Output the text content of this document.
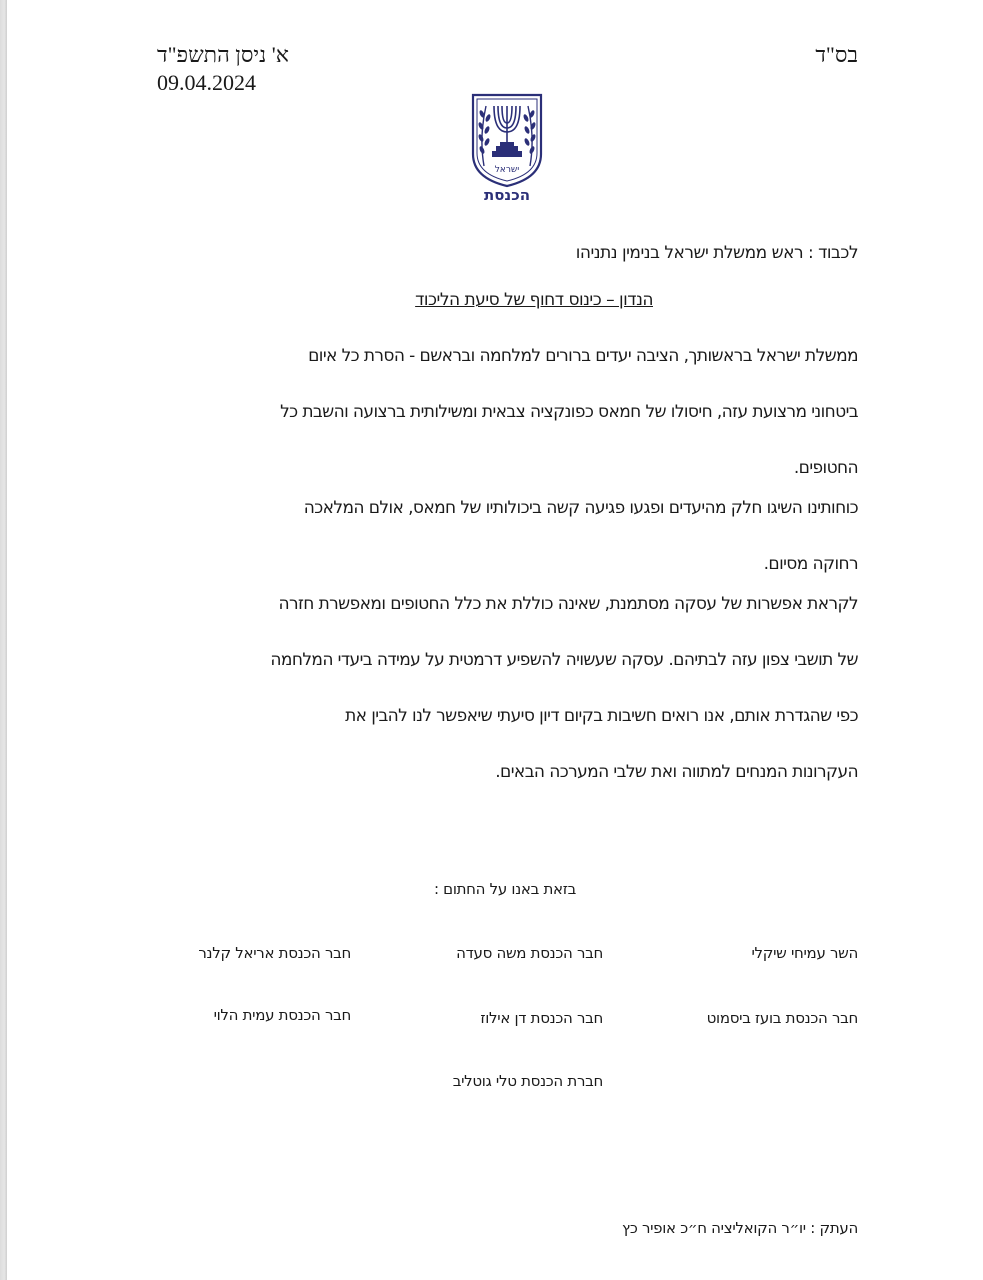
בס"ד
א' ניסן התשפ"ד
09.04.2024
ישראל
הכנסת
לכבוד : ראש ממשלת ישראל בנימין נתניהו
הנדון – כינוס דחוף של סיעת הליכוד
ממשלת ישראל בראשותך, הציבה יעדים ברורים למלחמה ובראשם - הסרת כל איום
ביטחוני מרצועת עזה, חיסולו של חמאס כפונקציה צבאית ומשילותית ברצועה והשבת כל
החטופים.
כוחותינו השיגו חלק מהיעדים ופגעו פגיעה קשה ביכולותיו של חמאס, אולם המלאכה
רחוקה מסיום.
לקראת אפשרות של עסקה מסתמנת, שאינה כוללת את כלל החטופים ומאפשרת חזרה
של תושבי צפון עזה לבתיהם. עסקה שעשויה להשפיע דרמטית על עמידה ביעדי המלחמה
כפי שהגדרת אותם, אנו רואים חשיבות בקיום דיון סיעתי שיאפשר לנו להבין את
העקרונות המנחים למתווה ואת שלבי המערכה הבאים.
בזאת באנו על החתום :
השר עמיחי שיקלי
חבר הכנסת משה סעדה
חבר הכנסת אריאל קלנר
חבר הכנסת בועז ביסמוט
חבר הכנסת דן אילוז
חבר הכנסת עמית הלוי
חברת הכנסת טלי גוטליב
העתק : יו״ר הקואליציה ח״כ אופיר כץ
